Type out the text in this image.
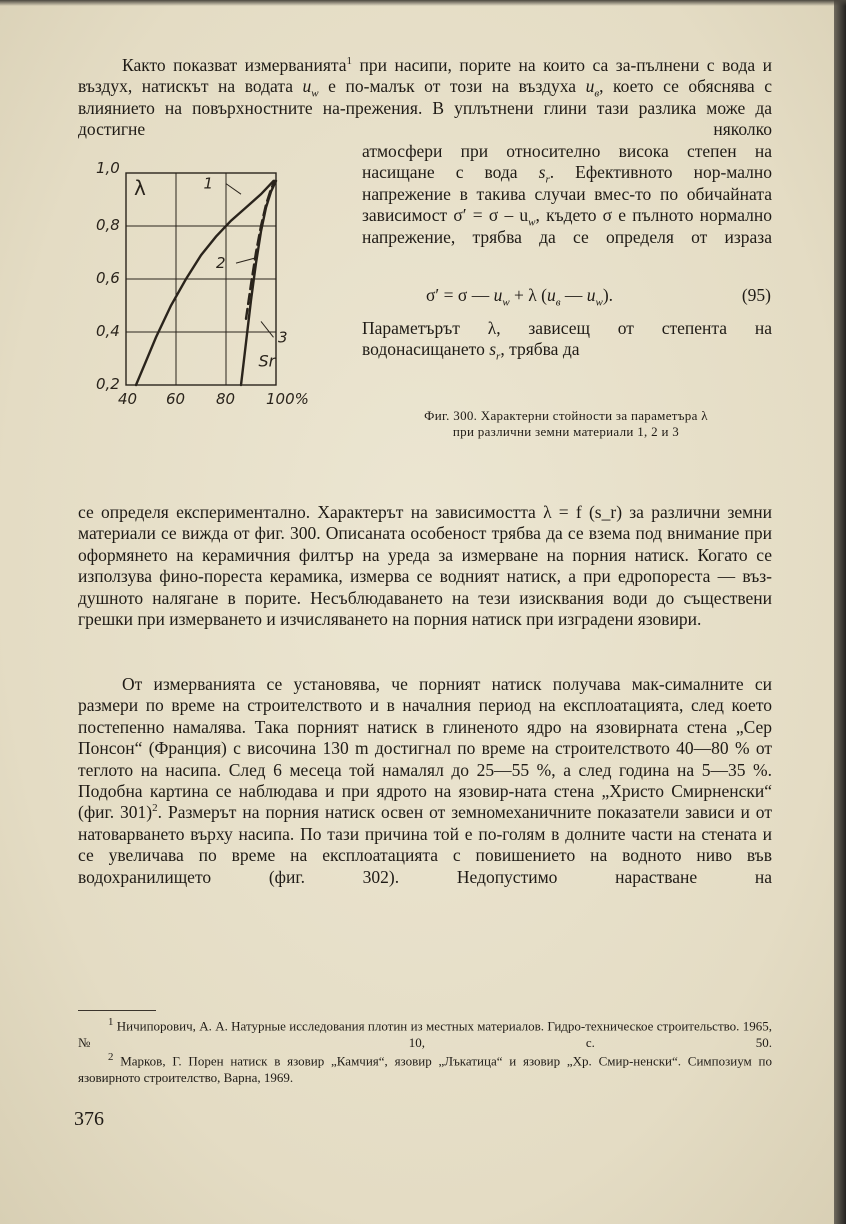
Както показват измерванията$^1$ при насипи, порите на които са за-пълнени с вода и въздух, натискът на водата $u_w$ е по-малък от този на въздуха $u_в$, което се обяснява с влиянието на повърхностните на-прежения. В уплътнени глини тази разлика може да достигне няколко

атмосфери при относително висока степен на насищане с вода $s_r$. Ефективното нор-мално напрежение в такива случаи вмес-то по обичайната зависимост $\sigma' = \sigma - u_w$, където σ е пълното нормално напрежение, трябва да се определя от израза

σ′ = σ — $u_w + \lambda$ ($u_в$ — $u_w$).	(95)

Параметърът λ, зависещ от степента на водонасищането $s_r$, трябва да

40 60 80 100%
1,0
0,8
0,6
0,4
0,2
λ
Sr
1
2
3
Фиг. 300. Характерни стойности за параметъра λ
при различни земни материали 1, 2 и 3

се определя експериментално. Характерът на зависимостта λ = f (s_r) за различни земни материали се вижда от фиг. 300. Описаната особеност трябва да се взема под внимание при оформянето на керамичния филтър на уреда за измерване на порния натиск. Когато се използува фино-пореста керамика, измерва се водният натиск, а при едропореста — въз-душното налягане в порите. Несъблюдаването на тези изисквания води до съществени грешки при измерването и изчисляването на порния натиск при изградени язовири.

От измерванията се установява, че порният натиск получава мак-сималните си размери по време на строителството и в началния период на експлоатацията, след което постепенно намалява. Така порният натиск в глиненото ядро на язовирната стена „Сер Понсон“ (Франция) с височина 130 m достигнал по време на строителството 40—80 % от теглото на насипа. След 6 месеца той намалял до 25—55 %, а след година на 5—35 %. Подобна картина се наблюдава и при ядрото на язовир-ната стена „Христо Смирненски“ (фиг. 301)$^2$. Размерът на порния натиск освен от земномеханичните показатели зависи и от натоварването върху насипа. По тази причина той е по-голям в долните части на стената и се увеличава по време на експлоатацията с повишението на водното ниво във водохранилището (фиг. 302). Недопустимо нарастване на

$^1$ Ничипорович, А. А. Натурные исследования плотин из местных материалов. Гидро-техническое строительство. 1965, № 10, с. 50.

$^2$ Марков, Г. Порен натиск в язовир „Камчия“, язовир „Лъкатица“ и язовир „Хр. Смир-ненски“. Симпозиум по язовирното строителство, Варна, 1969.

376
